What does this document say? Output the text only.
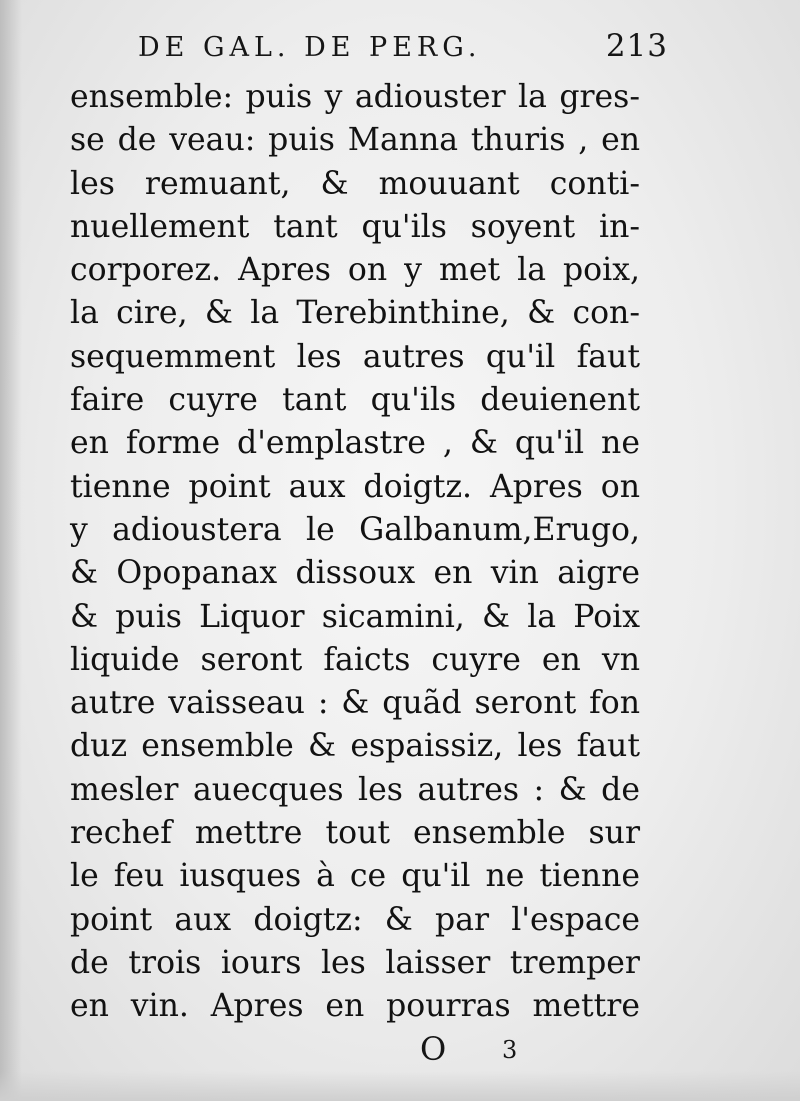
DE GAL. DE PERG.	213
ensemble: puis y adiouster la gres-
se de veau: puis Manna thuris , en
les remuant, & mouuant conti-
nuellement tant qu'ils soyent in-
corporez. Apres on y met la poix,
la cire, & la Terebinthine, & con-
sequemment les autres qu'il faut
faire cuyre tant qu'ils deuienent
en forme d'emplastre , & qu'il ne
tienne point aux doigtz. Apres on
y adioustera le Galbanum,Erugo,
& Opopanax dissoux en vin aigre
& puis Liquor sicamini, & la Poix
liquide seront faicts cuyre en vn
autre vaisseau : & quãd seront fon
duz ensemble & espaissiz, les faut
mesler auecques les autres : & de
rechef mettre tout ensemble sur
le feu iusques à ce qu'il ne tienne
point aux doigtz: & par l'espace
de trois iours les laisser tremper
en vin. Apres en pourras mettre
O 3
